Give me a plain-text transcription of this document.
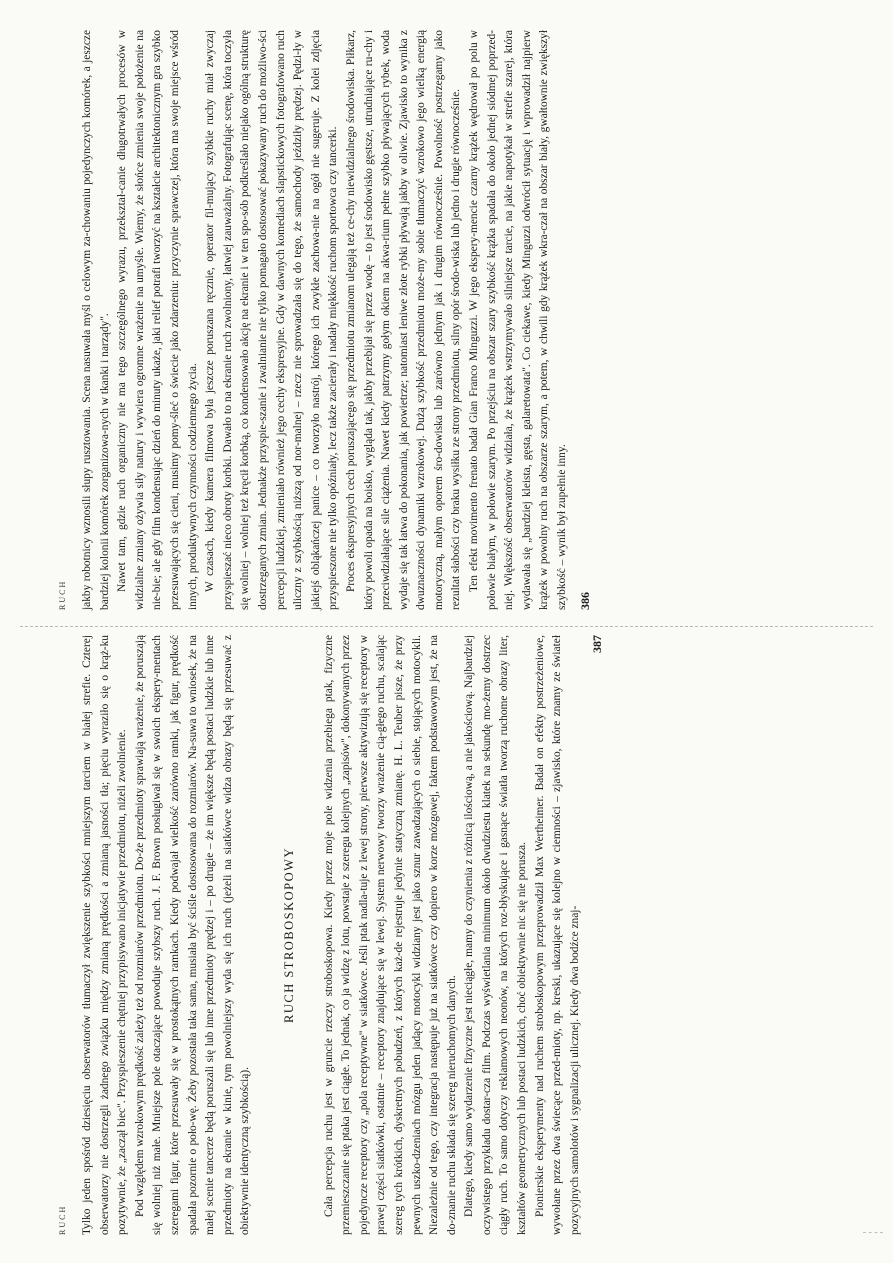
RUCH jakby robotnicy wznosili słupy rusztowania. Scena nasuwała myśl o celowym za-chowaniu pojedynczych komórek, a jeszcze bardziej kolonii komórek zorganizowa-nych w tkanki i narządy". Nawet tam, gdzie ruch organiczny nie ma tego szczególnego wyrazu, przekształ-canie długotrwałych procesów w widzialne zmiany ożywia siły natury i wywiera ogromne wrażenie na umyśle. Wiemy, że słońce zmienia swoje położenie na nie-bie; ale gdy film kondensując dzień do minuty ukaże, jaki relief potrafi tworzyć na kształcie architektonicznym gra szybko przesuwających się cieni, musimy pomy-śleć o świecie jako zdarzeniu: przyczynie sprawczej, która ma swoje miejsce wśród innych, produktywnych czynności codziennego życia. W czasach, kiedy kamera filmowa była jeszcze poruszana ręcznie, operator fil-mujący szybkie ruchy miał zwyczaj przyspieszać nieco obroty korbki. Dawało to na ekranie ruch zwolniony, łatwiej zauważalny. Fotografując scenę, która toczyła się wolniej – wolniej też kręcił korbką, co kondensowało akcję na ekranie i w ten spo-sób podkreślało niejako ogólną strukturę dostrzeganych zmian. Jednakże przyspie-szanie i zwalnianie nie tylko pomagało dostosować pokazywany ruch do możliwo-ści percepcji ludzkiej, zmieniało również jego cechy ekspresyjne. Gdy w dawnych komediach slapstickowych fotografowano ruch uliczny z szybkością niższą od nor-malnej – rzecz nie sprowadzała się do tego, że samochody jeździły prędzej. Pędzi-ły w jakiejś obląkańczej panice – co tworzyło nastrój, którego ich zwykłe zachowa-nie na ogół nie sugeruje. Z kolei zdjęcia przyspieszone nie tylko opóźniały, lecz także zacierały i nadały miękkość ruchom sportowca czy tancerki. Proces ekspresyjnych cech poruszającego się przedmiotu zmianom ulegają też ce-chy niewidzialnego środowiska. Piłkarz, który powoli opada na boisko, wygląda tak, jakby przebijał się przez wodę – to jest środowisko gęstsze, utrudniające ru-chy i przeciwdziałające sile ciążenia. Nawet kiedy patrzymy gołym okiem na akwa-rium pełne szybko pływających rybek, woda wydaje się tak łatwa do pokonania, jak powietrze; natomiast leniwe złote rybki pływają jakby w oliwie. Zjawisko to wynika z dwuznaczności dynamiki wzrokowej. Dużą szybkość przedmiotu może-my sobie tłumaczyć wzrokowo jego wielką energią motoryczną, małym oporem śro-dowiska lub zarówno jednym jak i drugim równocześnie. Powolność postrzegamy jako rezultat słabości czy braku wysiłku ze strony przedmiotu, silny opór środo-wiska lub jedno i drugie równocześnie. Ten efekt movimento frenato badał Gian Franco Minguzzi. W jego ekspery-mencie czarny krążek wędrował po polu w połowie białym, w połowie szarym. Po przejściu na obszar szary szybkość krążka spadała do około jednej siódmej poprzed-niej. Większość obserwatorów widziała, że krążek wstrzymywało silniejsze tarcie, na jakie napotykał w strefie szarej, która wydawała się „bardziej kleista, gęsta, galaretowata". Co ciekawe, kiedy Minguzzi odwrócił sytuację i wprowadził najpierw krążek w powolny ruch na obszarze szarym, a potem, w chwili gdy krążek wkra-czał na obszar biały, gwałtownie zwiększył szybkość – wynik był zupełnie inny. 386
RUCH Tylko jeden spośród dziesięciu obserwatorów tłumaczył zwiększenie szybkości mniejszym tarciem w białej strefie. Czterej obserwatorzy nie dostrzegli żadnego związku między zmianą prędkości a zmianą jasności tła; pięciu wyraziło się o krąż-ku pozytywnie, że „zaczął biec". Przyspieszenie chętniej przypisywano inicjatywie przedmiotu, niżeli zwolnienie. Pod względem wzrokowym prędkość zależy też od rozmiarów przedmiotu. Do-że przedmioty sprawiają wrażenie, że poruszają się wolniej niż małe. Mniejsze pole otaczające powoduje szybszy ruch. J. F. Brown posługiwał się w swoich ekspery-mentach szeregami figur, które przesuwały się w prostokątnych ramkach. Kiedy podwajał wielkość zarówno ramki, jak figur, prędkość spadała pozornie o poło-wę. Żeby pozostała taka sama, musiała być ściśle dostosowana do rozmiarów. Na-suwa to wniosek, że na małej scenie tancerze będą poruszali się lub inne przedmioty prędzej i – po drugie – że im większe będą postaci ludzkie lub inne przedmioty na ekranie w kinie, tym powolniejszy wyda się ich ruch (jeżeli na siatkówce widza obrazy będą się przesuwać z obiektywnie identyczną szybkością).

RUCH STROBOSKOPOWY Cała percepcja ruchu jest w gruncie rzeczy stroboskopowa. Kiedy przez moje pole widzenia przebiega ptak, fizyczne przemieszczanie się ptaka jest ciągłe. To jednak, co ja widzę z lotu, powstaje z szeregu kolejnych „zapisów", dokonywanych przez pojedyncze receptory czy „pola receptywne" w siatkówce. Jeśli ptak nadla-tuje z lewej strony, pierwsze aktywizują się receptory w prawej części siatkówki, ostatnie – receptory znajdujące się w lewej. System nerwowy tworzy wrażenie cią-głego ruchu, scalając szereg tych krótkich, dyskretnych pobudzeń, z których każ-de rejestruje jedynie statyczną zmianę. H. L. Teuber pisze, że przy pewnych uszko-dzeniach mózgu jeden jadący motocykl widziany jest jako sznur zawadzających o siebie, stojących motocykli. Niezależnie od tego, czy integracja następuje już na siatkówce czy dopiero w korze mózgowej, faktem podstawowym jest, że na do-znanie ruchu składa się szereg nieruchomych danych. Dlatego, kiedy samo wydarzenie fizyczne jest nieciągłe, mamy do czynienia z różnicą ilościową, a nie jakościową. Najbardziej oczywistego przykładu dostar-cza film. Podczas wyświetlania minimum około dwudziestu klatek na sekundę mo-żemy dostrzec ciągły ruch. To samo dotyczy reklamowych neonów, na których roz-błyskujące i gasnące światła tworzą ruchome obrazy liter, kształtów geometrycznych lub postaci ludzkich, choć obiektywnie nic się nie porusza. Pionierskie eksperymenty nad ruchem stroboskopowym przeprowadził Max Wertheimer. Badał on efekty postrzeżeniowe, wywołane przez dwa świecące przed-mioty, np. kreski, ukazujące się kolejno w ciemności – zjawisko, które znamy ze świateł pozycyjnych samolotów i sygnalizacji ulicznej. Kiedy dwa bodźce znaj-

387
